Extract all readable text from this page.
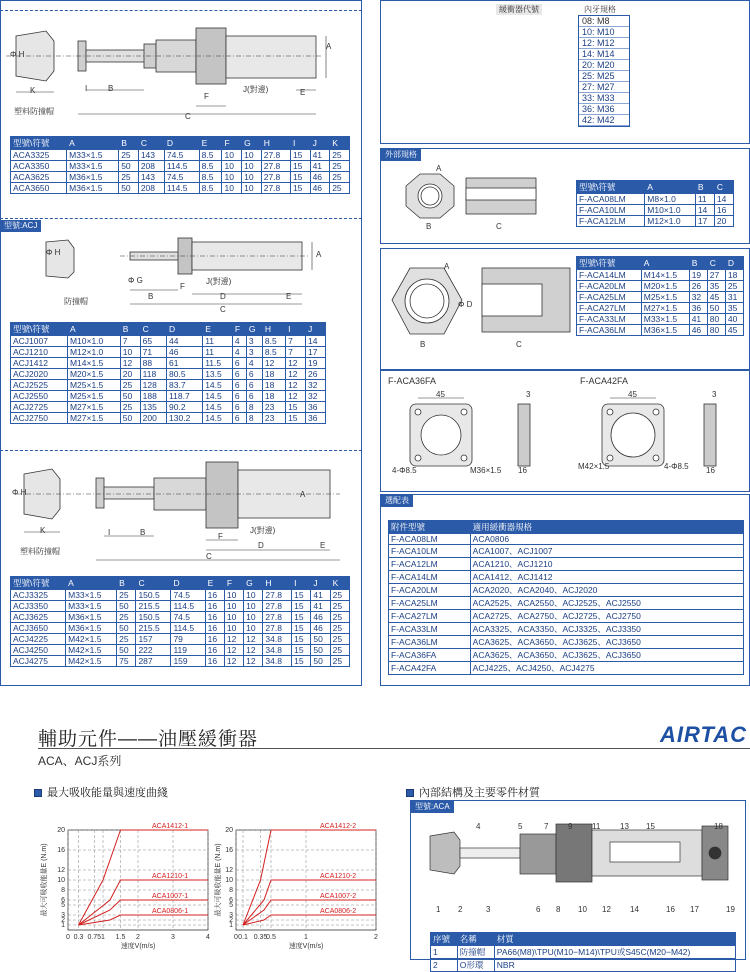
Φ H
K	B
I
F
C
E
A
J(對邊)
塑料防撞帽
型號\符號	A	B	C	D	E	F	G	H	I	J	K
ACA3325	M33×1.5	25	143	74.5	8.5	10	10	27.8	15	41	25
ACA3350	M33×1.5	50	208	114.5	8.5	10	10	27.8	15	41	25
ACA3625	M36×1.5	25	143	74.5	8.5	10	10	27.8	15	46	25
ACA3650	M36×1.5	50	208	114.5	8.5	10	10	27.8	15	46	25
型號:ACJ
Φ H
Φ G
A
J(對邊)
F
B	D	E
C
防撞帽
型號\符號	A	B	C	D	E	F	G	H	I	J
ACJ1007	M10×1.0	7	65	44	11	4	3	8.5	7	14
ACJ1210	M12×1.0	10	71	46	11	4	3	8.5	7	17
ACJ1412	M14×1.5	12	88	61	11.5	6	4	12	12	19
ACJ2020	M20×1.5	20	118	80.5	13.5	6	6	18	12	26
ACJ2525	M25×1.5	25	128	83.7	14.5	6	6	18	12	32
ACJ2550	M25×1.5	50	188	118.7	14.5	6	6	18	12	32
ACJ2725	M27×1.5	25	135	90.2	14.5	6	8	23	15	36
ACJ2750	M27×1.5	50	200	130.2	14.5	6	8	23	15	36
Φ H
K	B
I	F
C
D	E
A
J(對邊)
塑料防撞帽
型號\符號	A	B	C	D	E	F	G	H	I	J	K
ACJ3325	M33×1.5	25	150.5	74.5	16	10	10	27.8	15	41	25
ACJ3350	M33×1.5	50	215.5	114.5	16	10	10	27.8	15	41	25
ACJ3625	M36×1.5	25	150.5	74.5	16	10	10	27.8	15	46	25
ACJ3650	M36×1.5	50	215.5	114.5	16	10	10	27.8	15	46	25
ACJ4225	M42×1.5	25	157	79	16	12	12	34.8	15	50	25
ACJ4250	M42×1.5	50	222	119	16	12	12	34.8	15	50	25
ACJ4275	M42×1.5	75	287	159	16	12	12	34.8	15	50	25
緩衝器代號	內牙規格
08: M8
10: M10
12: M12
14: M14
20: M20
25: M25
27: M27
33: M33
36: M36
42: M42
外部規格
A
B	C
型號\符號	A	B	C
F-ACA08LM	M8×1.0	11	14
F-ACA10LM	M10×1.0	14	16
F-ACA12LM	M12×1.0	17	20
A
B	C
Φ D
型號\符號	A	B	C	D
F-ACA14LM	M14×1.5	19	27	18
F-ACA20LM	M20×1.5	26	35	25
F-ACA25LM	M25×1.5	32	45	31
F-ACA27LM	M27×1.5	36	50	35
F-ACA33LM	M33×1.5	41	80	40
F-ACA36LM	M36×1.5	46	80	45
F-ACA36FA	F-ACA42FA
45	45
3	3
16	16
M36×1.5	M42×1.5
4-Φ8.5	4-Φ8.5
選配表
附件型號	適用緩衝器規格
F-ACA08LM	ACA0806
F-ACA10LM	ACA1007、ACJ1007
F-ACA12LM	ACA1210、ACJ1210
F-ACA14LM	ACA1412、ACJ1412
F-ACA20LM	ACA2020、ACA2040、ACJ2020
F-ACA25LM	ACA2525、ACA2550、ACJ2525、ACJ2550
F-ACA27LM	ACA2725、ACA2750、ACJ2725、ACJ2750
F-ACA33LM	ACA3325、ACA3350、ACJ3325、ACJ3350
F-ACA36LM	ACA3625、ACA3650、ACJ3625、ACJ3650
F-ACA36FA	ACA3625、ACA3650、ACJ3625、ACJ3650
F-ACA42FA	ACJ4225、ACJ4250、ACJ4275
輔助元件——油壓緩衝器	AIRTAC
ACA、ACJ系列
最大吸收能量與速度曲綫	內部結構及主要零件材質
1
2
3
5
6
8
10
12
16
20
0 0.3 0.75 1 1.5 2	3	4
ACA1412-1
ACA1210-1
ACA1007-1
ACA0806-1
速度V(m/s)
最大可吸收能量E (N.m)
1
2
3
5
6
8
10
12
16
20
0 0.1 0.35
0.5	1	2
ACA1412-2
ACA1210-2
ACA1007-2
ACA0806-2
速度V(m/s)
最大可吸收能量E (N.m)
型號:ACA
1 2	3
4	5
6
7
8
9
10
11
12
13
14
15
16 17
18
19
序號	名稱	材質
1	防撞帽	PA66(M8)\TPU(M10−M14)\TPU或S45C(M20−M42)
2	O形環	NBR
